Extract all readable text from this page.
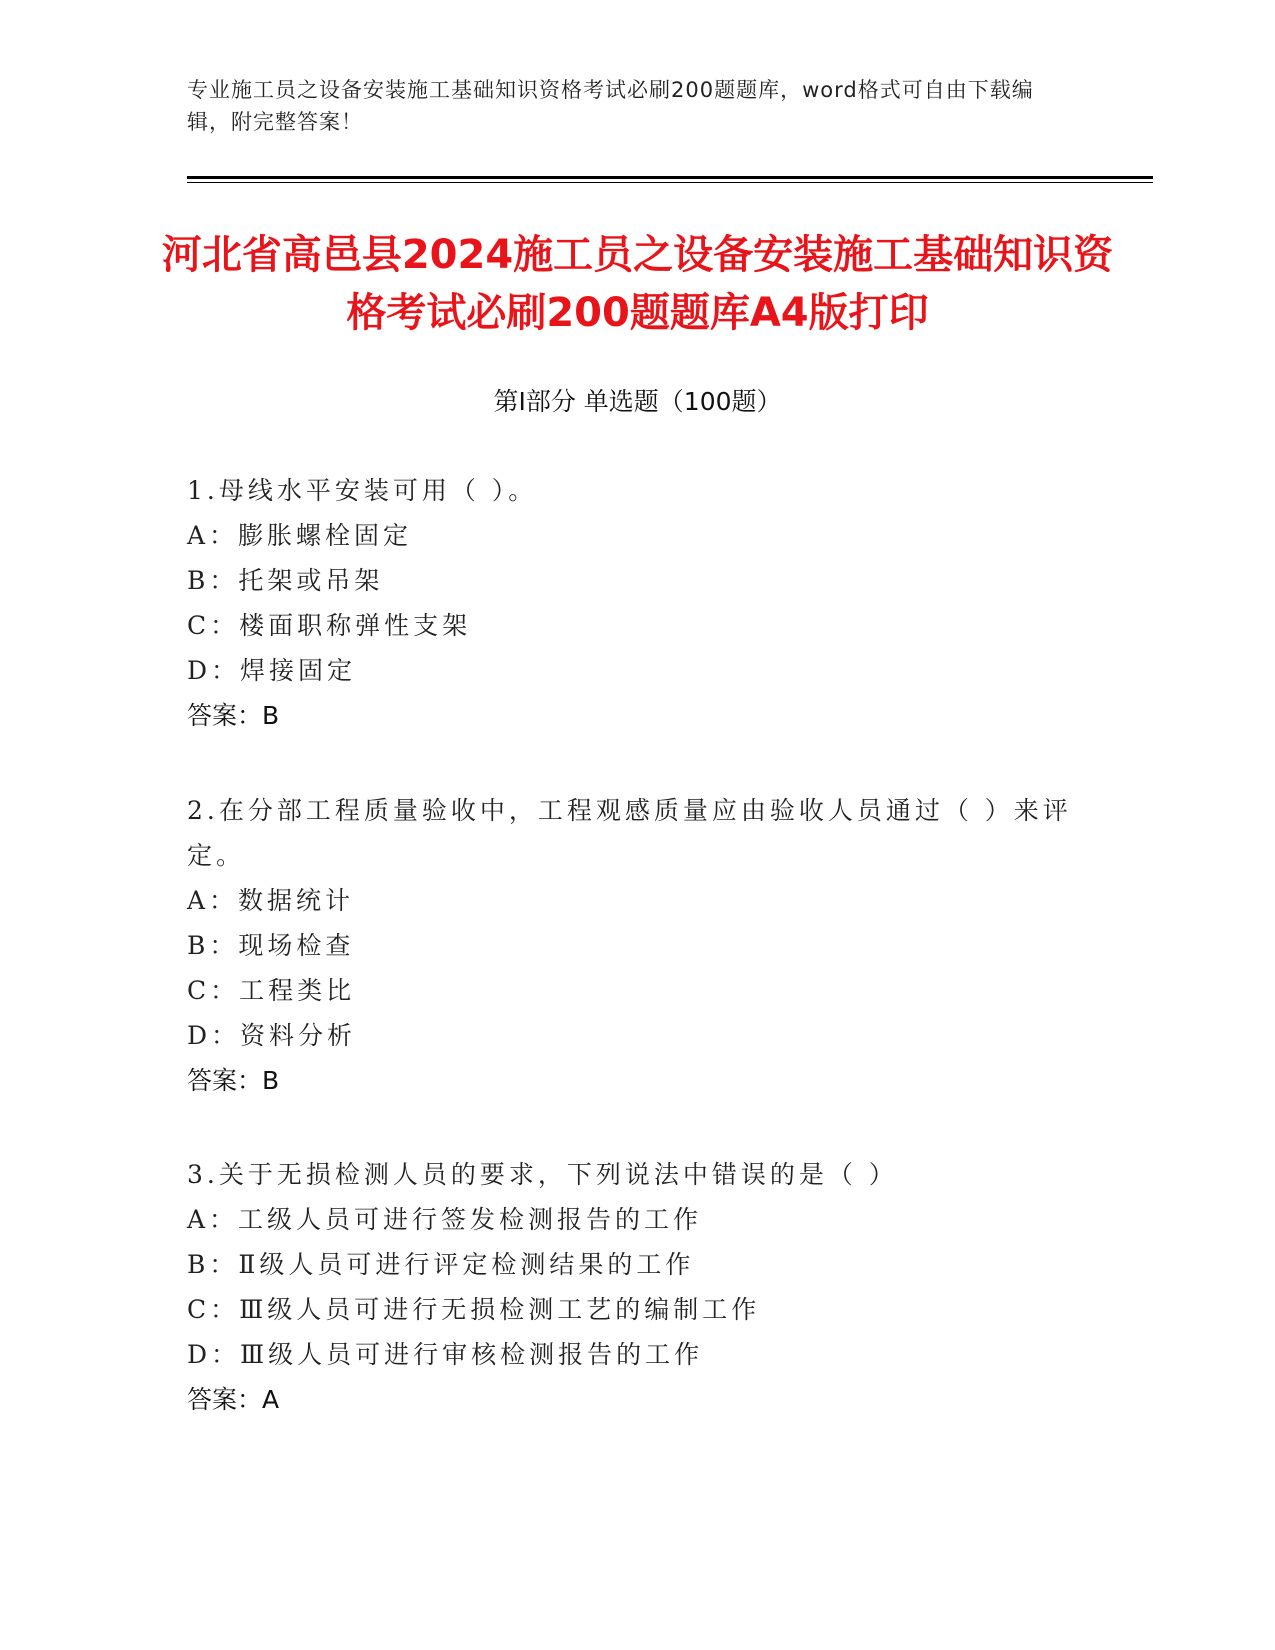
专业施工员之设备安装施工基础知识资格考试必刷200题题库，word格式可自由下载编辑，附完整答案！
河北省高邑县2024施工员之设备安装施工基础知识资格考试必刷200题题库A4版打印
第Ⅰ部分 单选题（100题）
1.母线水平安装可用（ ）。
A：膨胀螺栓固定
B：托架或吊架
C：楼面职称弹性支架
D：焊接固定
答案：B
2.在分部工程质量验收中，工程观感质量应由验收人员通过（ ）来评定。
A：数据统计
B：现场检查
C：工程类比
D：资料分析
答案：B
3.关于无损检测人员的要求，下列说法中错误的是（ ）
A：工级人员可进行签发检测报告的工作
B：Ⅱ级人员可进行评定检测结果的工作
C：Ⅲ级人员可进行无损检测工艺的编制工作
D：Ⅲ级人员可进行审核检测报告的工作
答案：A
